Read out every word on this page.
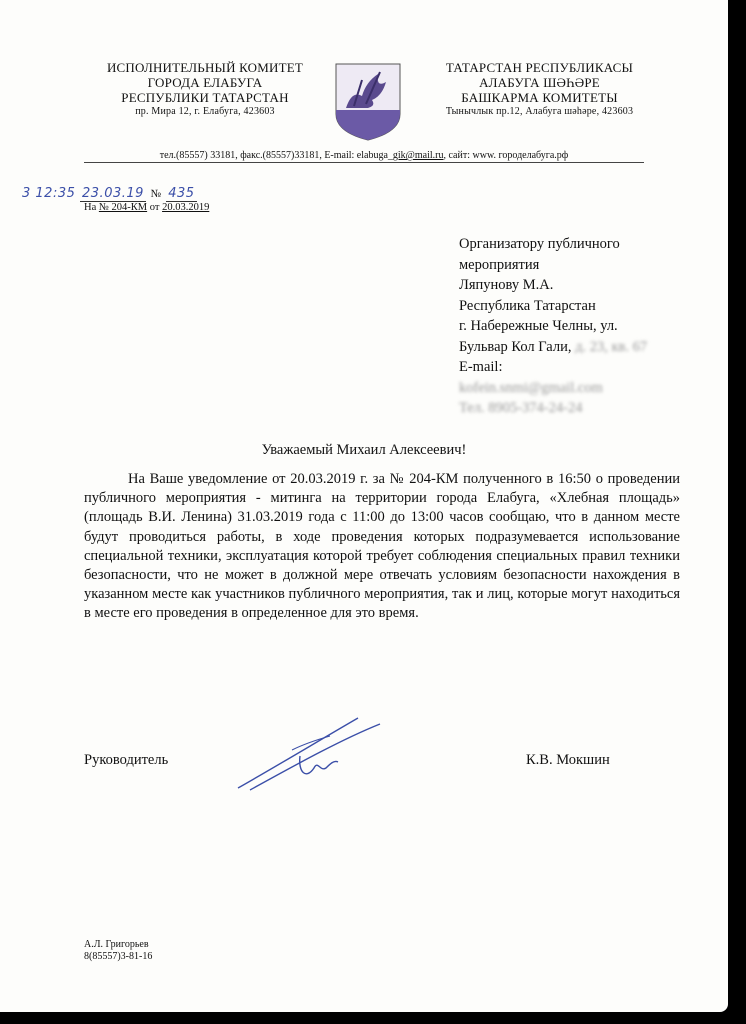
ИСПОЛНИТЕЛЬНЫЙ КОМИТЕТ
ГОРОДА ЕЛАБУГА
РЕСПУБЛИКИ ТАТАРСТАН
пр. Мира 12, г. Елабуга, 423603
ТАТАРСТАН РЕСПУБЛИКАСЫ
АЛАБУГА ШӘҺӘРЕ
БАШКАРМА КОМИТЕТЫ
Тынычлык пр.12, Алабуга шәһәре, 423603
тел.(85557) 33181, факс.(85557)33181, E-mail: elabuga_gik@mail.ru, сайт: www. городелабуга.рф
3 12:35 23.03.19 № 435
На № 204-КМ от 20.03.2019
Организатору публичного
мероприятия
Ляпунову М.А.
Республика Татарстан
г. Набережные Челны, ул.
Бульвар Кол Гали, д. 23, кв. 67
E-mail:
kofein.snmi@gmail.com
Тел. 8905-374-24-24
Уважаемый Михаил Алексеевич!
На Ваше уведомление от 20.03.2019 г. за № 204-КМ полученного в 16:50 о проведении публичного мероприятия - митинга на территории города Елабуга, «Хлебная площадь» (площадь В.И. Ленина) 31.03.2019 года с 11:00 до 13:00 часов сообщаю, что в данном месте будут проводиться работы, в ходе проведения которых подразумевается использование специальной техники, эксплуатация которой требует соблюдения специальных правил техники безопасности, что не может в должной мере отвечать условиям безопасности нахождения в указанном месте как участников публичного мероприятия, так и лиц, которые могут находиться в месте его проведения в определенное для это время.
Руководитель	К.В. Мокшин
А.Л. Григорьев
8(85557)3-81-16
